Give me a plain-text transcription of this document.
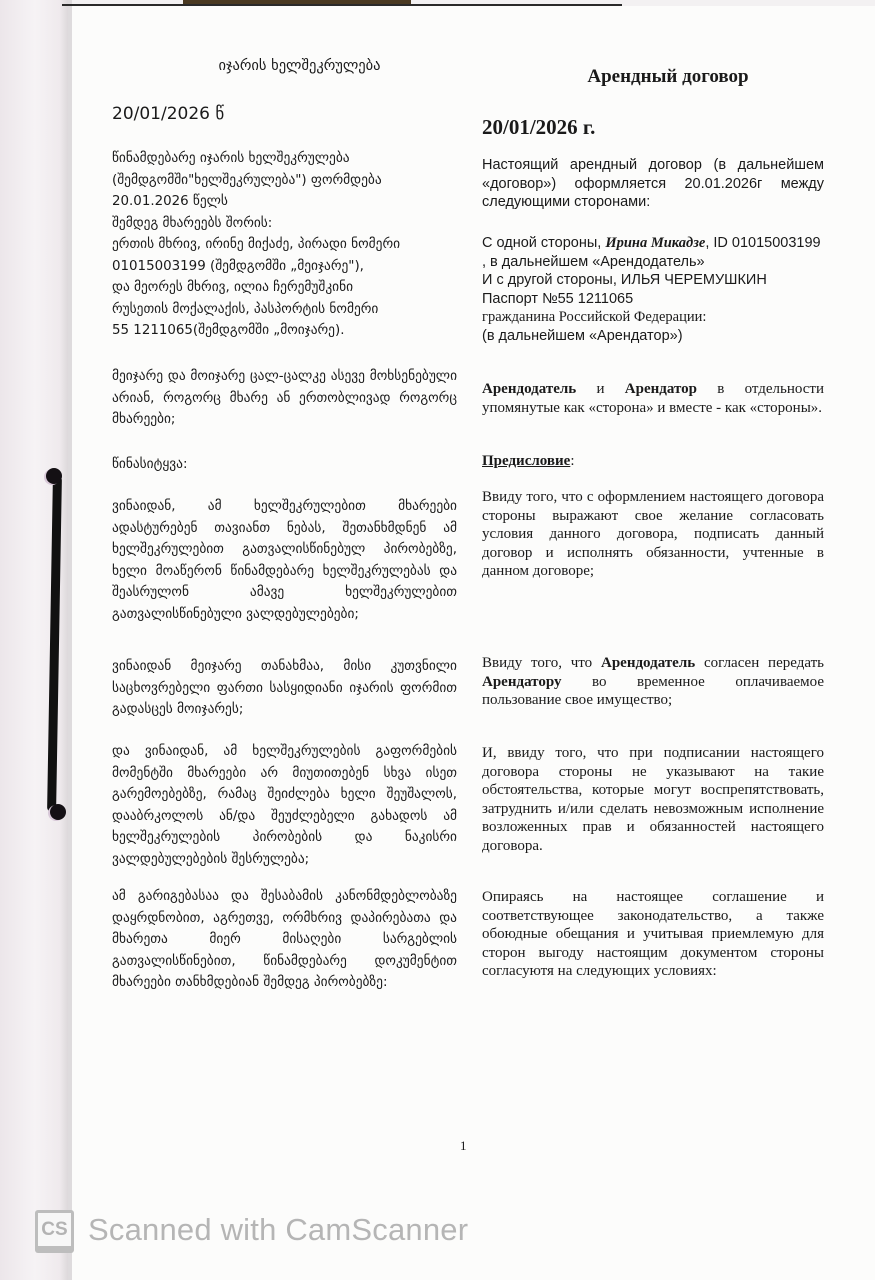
იჯარის ხელშეკრულება
20/01/2026 წ
წინამდებარე იჯარის ხელშეკრულება
(შემდგომში"ხელშეკრულება") ფორმდება
20.01.2026 წელს
შემდეგ მხარეებს შორის:
ერთის მხრივ, ირინე მიქაძე, პირადი ნომერი
01015003199 (შემდგომში „მეიჯარე"),
და მეორეს მხრივ, ილია ჩერემუშკინი
რუსეთის მოქალაქის, პასპორტის ნომერი
55 1211065(შემდგომში „მოიჯარე).

მეიჯარე და მოიჯარე ცალ-ცალკე ასევე მოხსენებული არიან, როგორც მხარე ან ერთობლივად როგორც მხარეები;

წინასიტყვა:

ვინაიდან, ამ ხელშეკრულებით მხარეები ადასტურებენ თავიანთ ნებას, შეთანხმდნენ ამ ხელშეკრულებით გათვალისწინებულ პირობებზე, ხელი მოაწერონ წინამდებარე ხელშეკრულებას და შეასრულონ ამავე ხელშეკრულებით გათვალისწინებული ვალდებულებები;

ვინაიდან მეიჯარე თანახმაა, მისი კუთვნილი საცხოვრებელი ფართი სასყიდიანი იჯარის ფორმით გადასცეს მოიჯარეს;

და ვინაიდან, ამ ხელშეკრულების გაფორმების მომენტში მხარეები არ მიუთითებენ სხვა ისეთ გარემოებებზე, რამაც შეიძლება ხელი შეუშალოს, დააბრკოლოს ან/და შეუძლებელი გახადოს ამ ხელშეკრულების პირობების და ნაკისრი ვალდებულებების შესრულება;

ამ გარიგებასაა და შესაბამის კანონმდებლობაზე დაყრდნობით, აგრეთვე, ორმხრივ დაპირებათა და მხარეთა მიერ მისაღები სარგებლის გათვალისწინებით, წინამდებარე დოკუმენტით მხარეები თანხმდებიან შემდეგ პირობებზე:

Арендный договор
20/01/2026 г.

Настоящий арендный договор (в дальнейшем «договор») оформляется 20.01.2026г между следующими сторонами:

С одной стороны, Ирина Микадзе, ID 01015003199
, в дальнейшем «Арендодатель»
И с другой стороны, ИЛЬЯ ЧЕРЕМУШКИН
Паспорт №55 1211065
гражданина Российской Федерации:
(в дальнейшем «Арендатор»)

Арендодатель и Арендатор в отдельности упомянутые как «сторона» и вместе - как «стороны».

Предисловие:

Ввиду того, что с оформлением настоящего договора стороны выражают свое желание согласовать условия данного договора, подписать данный договор и исполнять обязанности, учтенные в данном договоре;

Ввиду того, что Арендодатель согласен передать Арендатору во временное оплачиваемое пользование свое имущество;

И, ввиду того, что при подписании настоящего договора стороны не указывают на такие обстоятельства, которые могут воспрепятствовать, затруднить и/или сделать невозможным исполнение возложенных прав и обязанностей настоящего договора.

Опираясь на настоящее соглашение и соответствующее законодательство, а также обоюдные обещания и учитывая приемлемую для сторон выгоду настоящим документом стороны согласуютя на следующих условиях:

1
CS Scanned with CamScanner
